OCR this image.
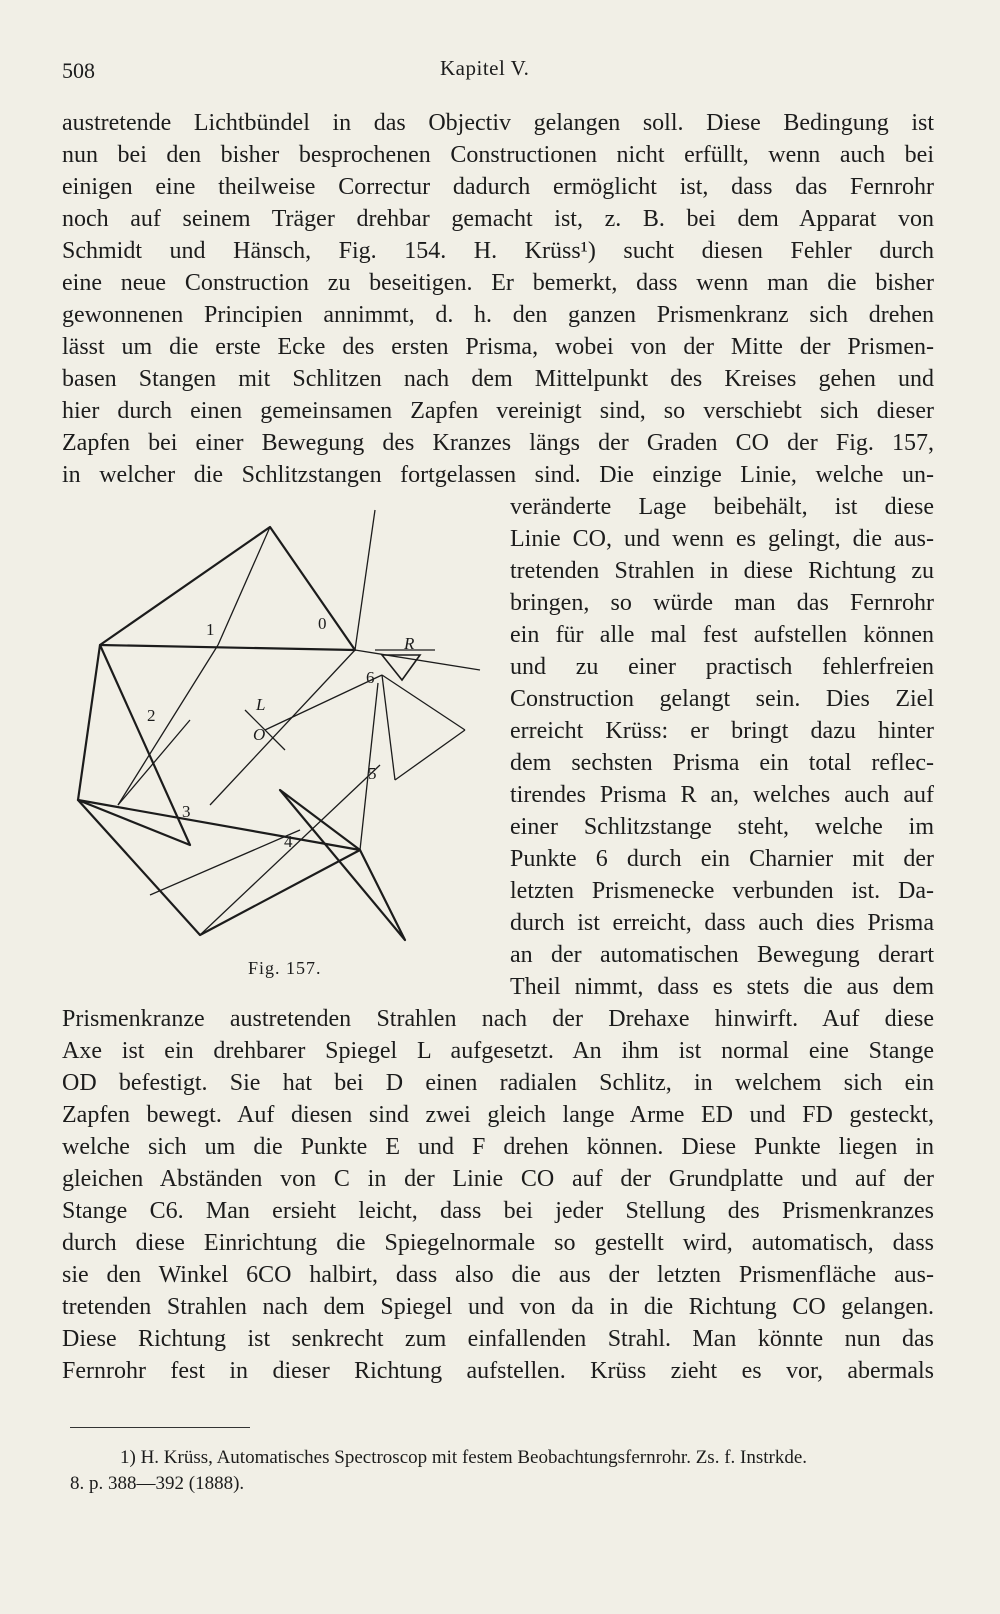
508	Kapitel V.
austretende Lichtbündel in das Objectiv gelangen soll. Diese Bedingung ist
nun bei den bisher besprochenen Constructionen nicht erfüllt, wenn auch bei
einigen eine theilweise Correctur dadurch ermöglicht ist, dass das Fernrohr
noch auf seinem Träger drehbar gemacht ist, z. B. bei dem Apparat von
Schmidt und Hänsch, Fig. 154. H. Krüss¹) sucht diesen Fehler durch
eine neue Construction zu beseitigen. Er bemerkt, dass wenn man die bisher
gewonnenen Principien annimmt, d. h. den ganzen Prismenkranz sich drehen
lässt um die erste Ecke des ersten Prisma, wobei von der Mitte der Prismen-
basen Stangen mit Schlitzen nach dem Mittelpunkt des Kreises gehen und
hier durch einen gemeinsamen Zapfen vereinigt sind, so verschiebt sich dieser
Zapfen bei einer Bewegung des Kranzes längs der Graden CO der Fig. 157,
in welcher die Schlitzstangen fortgelassen sind. Die einzige Linie, welche un-
veränderte Lage beibehält, ist diese
Linie CO, und wenn es gelingt, die aus-
tretenden Strahlen in diese Richtung zu
bringen, so würde man das Fernrohr
ein für alle mal fest aufstellen können
und zu einer practisch fehlerfreien
Construction gelangt sein. Dies Ziel
erreicht Krüss: er bringt dazu hinter
dem sechsten Prisma ein total reflec-
tirendes Prisma R an, welches auch auf
einer Schlitzstange steht, welche im
Punkte 6 durch ein Charnier mit der
letzten Prismenecke verbunden ist. Da-
durch ist erreicht, dass auch dies Prisma
an der automatischen Bewegung derart
Theil nimmt, dass es stets die aus dem
1
2
3
4
5
6
0
R
L
O
Fig. 157.
Prismenkranze austretenden Strahlen nach der Drehaxe hinwirft. Auf diese
Axe ist ein drehbarer Spiegel L aufgesetzt. An ihm ist normal eine Stange
OD befestigt. Sie hat bei D einen radialen Schlitz, in welchem sich ein
Zapfen bewegt. Auf diesen sind zwei gleich lange Arme ED und FD gesteckt,
welche sich um die Punkte E und F drehen können. Diese Punkte liegen in
gleichen Abständen von C in der Linie CO auf der Grundplatte und auf der
Stange C6. Man ersieht leicht, dass bei jeder Stellung des Prismenkranzes
durch diese Einrichtung die Spiegelnormale so gestellt wird, automatisch, dass
sie den Winkel 6CO halbirt, dass also die aus der letzten Prismenfläche aus-
tretenden Strahlen nach dem Spiegel und von da in die Richtung CO gelangen.
Diese Richtung ist senkrecht zum einfallenden Strahl. Man könnte nun das
Fernrohr fest in dieser Richtung aufstellen. Krüss zieht es vor, abermals
1) H. Krüss, Automatisches Spectroscop mit festem Beobachtungsfernrohr. Zs. f. Instrkde.
8. p. 388—392 (1888).
